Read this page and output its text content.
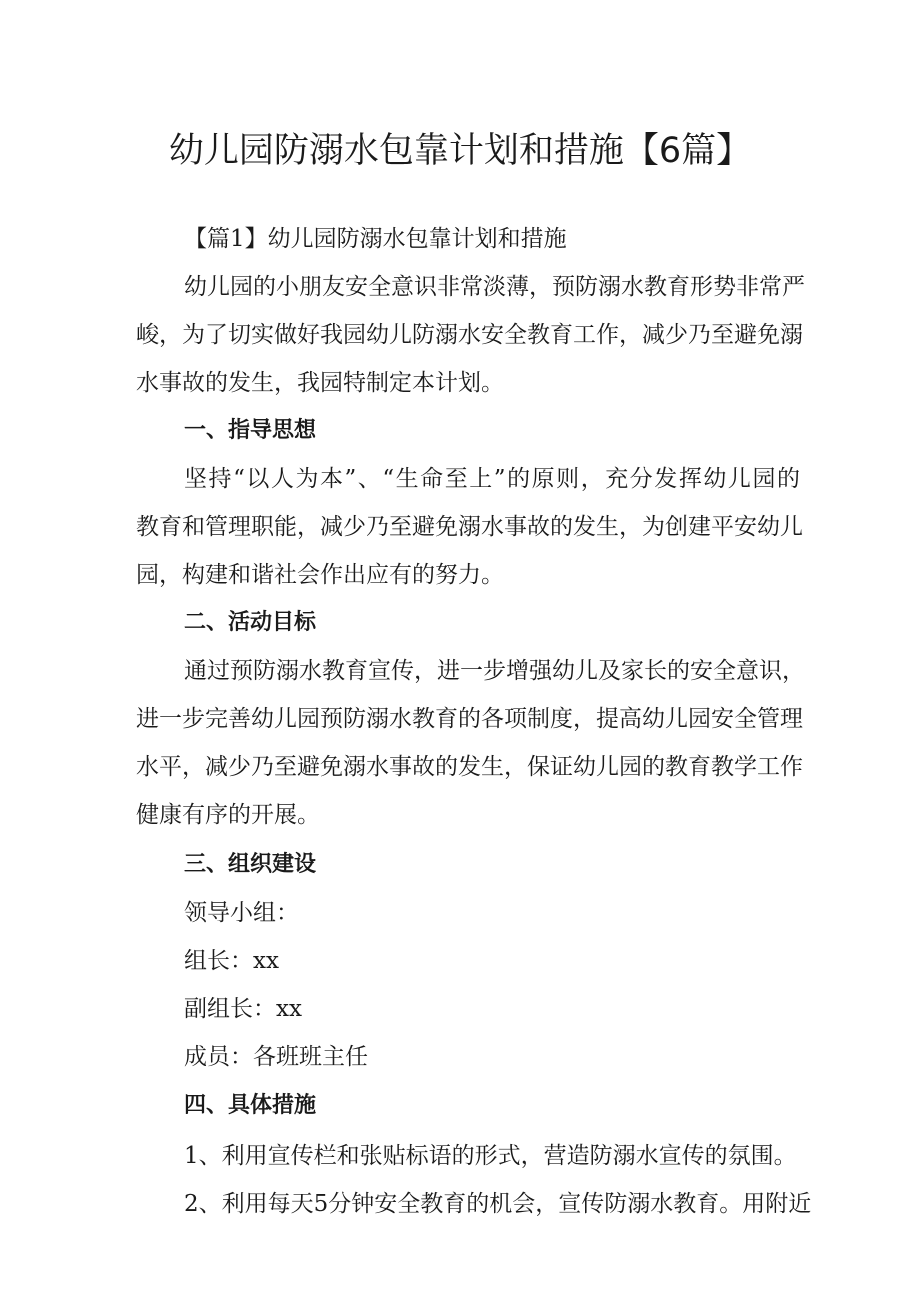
幼儿园防溺水包靠计划和措施【6篇】
【篇1】幼儿园防溺水包靠计划和措施
幼儿园的小朋友安全意识非常淡薄，预防溺水教育形势非常严
峻，为了切实做好我园幼儿防溺水安全教育工作，减少乃至避免溺
水事故的发生，我园特制定本计划。
一、指导思想
坚持“以人为本”、“生命至上”的原则，充分发挥幼儿园的
教育和管理职能，减少乃至避免溺水事故的发生，为创建平安幼儿
园，构建和谐社会作出应有的努力。
二、活动目标
通过预防溺水教育宣传，进一步增强幼儿及家长的安全意识，
进一步完善幼儿园预防溺水教育的各项制度，提高幼儿园安全管理
水平，减少乃至避免溺水事故的发生，保证幼儿园的教育教学工作
健康有序的开展。
三、组织建设
领导小组：
组长：xx
副组长：xx
成员：各班班主任
四、具体措施
1、利用宣传栏和张贴标语的形式，营造防溺水宣传的氛围。
2、利用每天5分钟安全教育的机会，宣传防溺水教育。用附近
